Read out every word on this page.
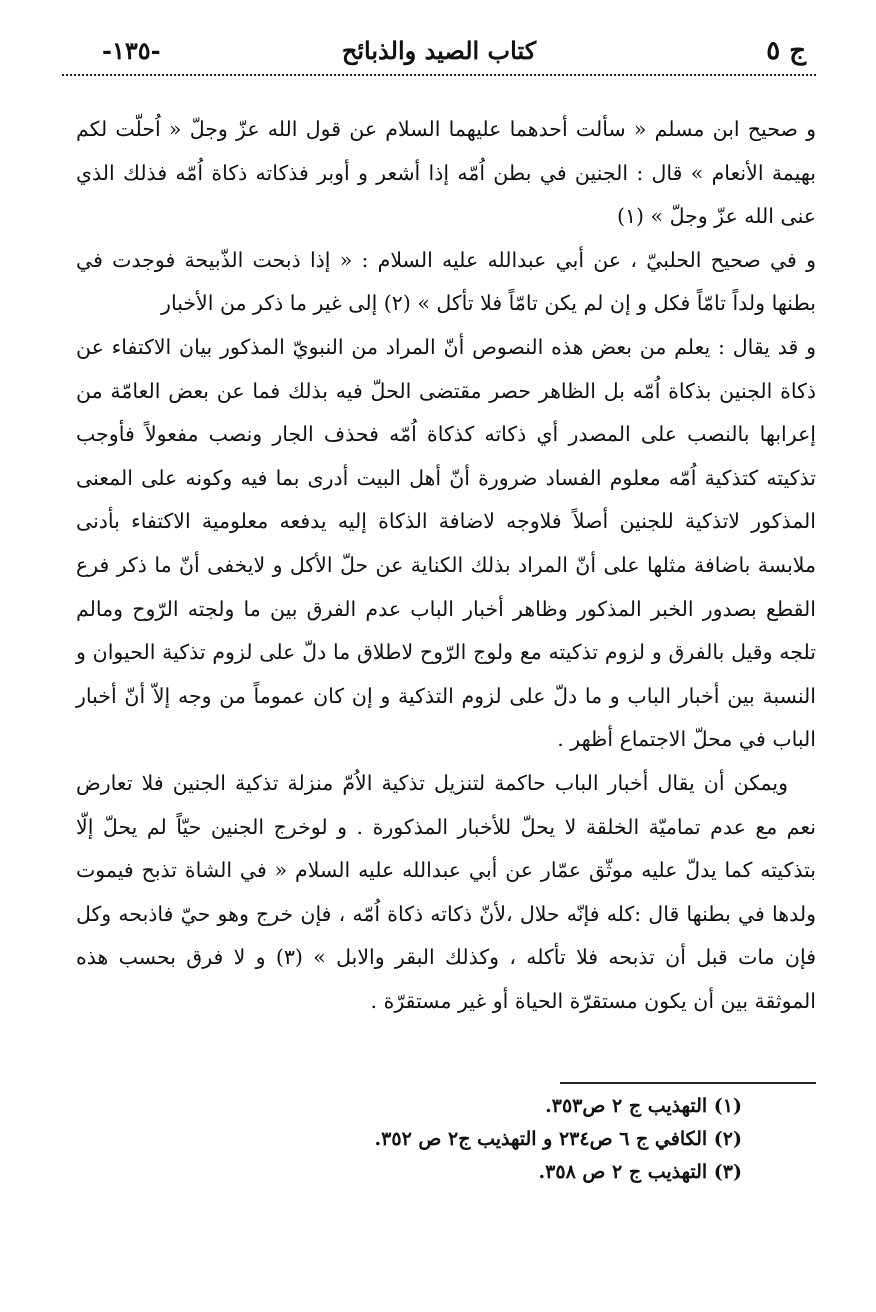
ج ٥
كتاب الصيد والذبائح
-١٣٥-

و صحيح ابن مسلم « سألت أحدهما عليهما السلام عن قول الله عزّ وجلّ « اُحلّت لكم بهيمة الأنعام » قال : الجنين في بطن اُمّه إذا أشعر و أوبر فذكاته ذكاة اُمّه فذلك الذي عنى الله عزّ وجلّ » (١)

و في صحيح الحلبيّ ، عن أبي عبدالله عليه السلام : « إذا ذبحت الذّبيحة فوجدت في بطنها ولداً تامّاً فكل و إن لم يكن تامّاً فلا تأكل » (٢) إلى غير ما ذكر من الأخبار

و قد يقال : يعلم من بعض هذه النصوص أنّ المراد من النبويّ المذكور بيان الاكتفاء عن ذكاة الجنين بذكاة اُمّه بل الظاهر حصر مقتضى الحلّ فيه بذلك فما عن بعض العامّة من إعرابها بالنصب على المصدر أي ذكاته كذكاة اُمّه فحذف الجار ونصب مفعولاً فأوجب تذكيته كتذكية اُمّه معلوم الفساد ضرورة أنّ أهل البيت أدرى بما فيه وكونه على المعنى المذكور لاتذكية للجنين أصلاً فلاوجه لاضافة الذكاة إليه يدفعه معلومية الاكتفاء بأدنى ملابسة باضافة مثلها على أنّ المراد بذلك الكناية عن حلّ الأكل و لايخفى أنّ ما ذكر فرع القطع بصدور الخبر المذكور وظاهر أخبار الباب عدم الفرق بين ما ولجته الرّوح ومالم تلجه وقيل بالفرق و لزوم تذكيته مع ولوج الرّوح لاطلاق ما دلّ على لزوم تذكية الحيوان و النسبة بين أخبار الباب و ما دلّ على لزوم التذكية و إن كان عموماً من وجه إلاّ أنّ أخبار الباب في محلّ الاجتماع أظهر .

ويمكن أن يقال أخبار الباب حاكمة لتنزيل تذكية الاُمّ منزلة تذكية الجنين فلا تعارض نعم مع عدم تماميّة الخلقة لا يحلّ للأخبار المذكورة . و لوخرج الجنين حيّاً لم يحلّ إلّا بتذكيته كما يدلّ عليه موثّق عمّار عن أبي عبدالله عليه السلام « في الشاة تذبح فيموت ولدها في بطنها قال :كله فإنّه حلال ،لأنّ ذكاته ذكاة اُمّه ، فإن خرج وهو حيّ فاذبحه وكل فإن مات قبل أن تذبحه فلا تأكله ، وكذلك البقر والابل » (٣) و لا فرق بحسب هذه الموثقة بين أن يكون مستقرّة الحياة أو غير مستقرّة .

(١) التهذيب ج ٢ ص٣٥٣.

(٢) الكافي ج ٦ ص٢٣٤ و التهذيب ج٢ ص ٣٥٢.

(٣) التهذيب ج ٢ ص ٣٥٨.
